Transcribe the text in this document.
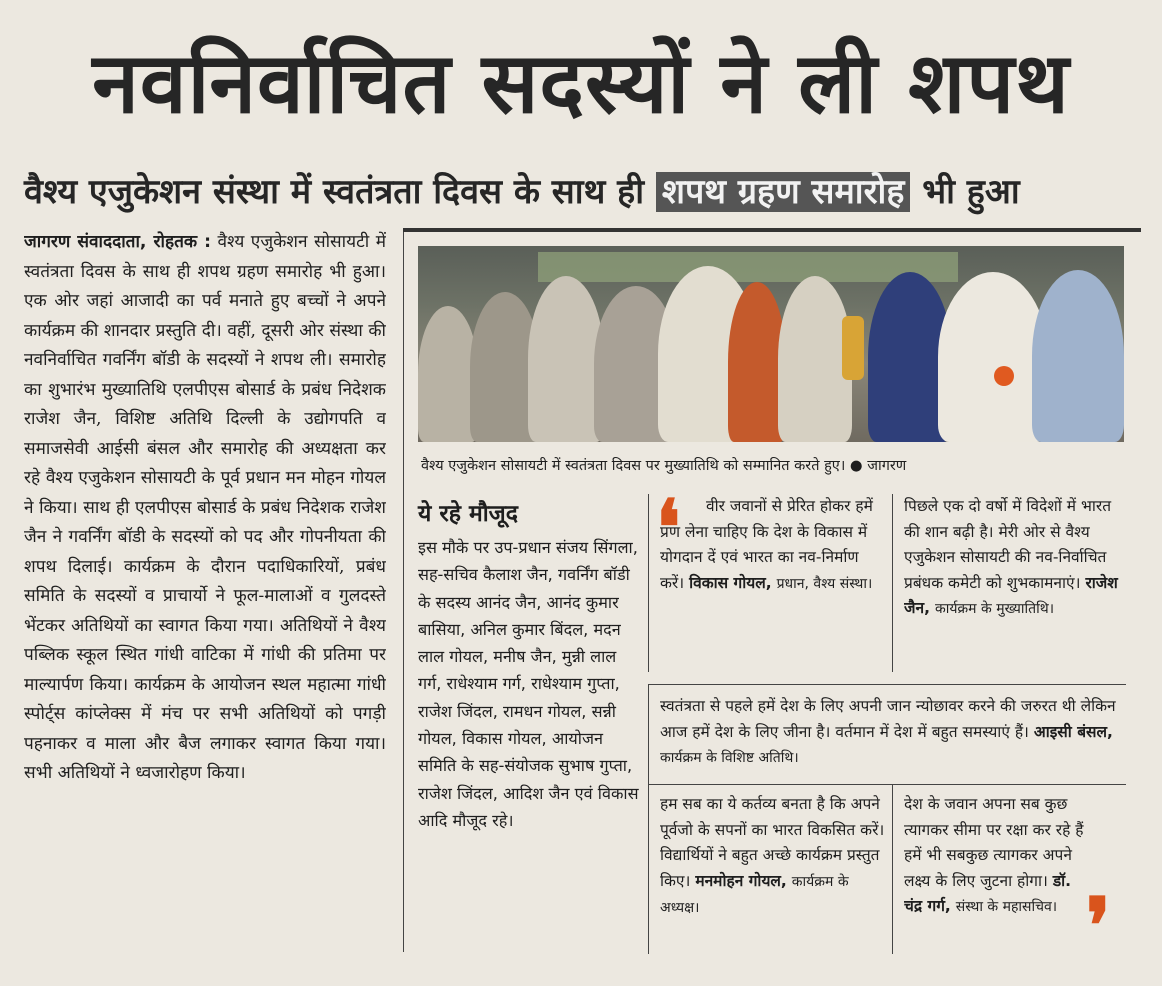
नवनिर्वाचित सदस्यों ने ली शपथ
वैश्य एजुकेशन संस्था में स्वतंत्रता दिवस के साथ ही शपथ ग्रहण समारोह भी हुआ
जागरण संवाददाता, रोहतक : वैश्य एजुकेशन सोसायटी में स्वतंत्रता दिवस के साथ ही शपथ ग्रहण समारोह भी हुआ। एक ओर जहां आजादी का पर्व मनाते हुए बच्चों ने अपने कार्यक्रम की शानदार प्रस्तुति दी। वहीं, दूसरी ओर संस्था की नवनिर्वाचित गवर्निंग बॉडी के सदस्यों ने शपथ ली। समारोह का शुभारंभ मुख्यातिथि एलपीएस बोसार्ड के प्रबंध निदेशक राजेश जैन, विशिष्ट अतिथि दिल्ली के उद्योगपति व समाजसेवी आईसी बंसल और समारोह की अध्यक्षता कर रहे वैश्य एजुकेशन सोसायटी के पूर्व प्रधान मन मोहन गोयल ने किया। साथ ही एलपीएस बोसार्ड के प्रबंध निदेशक राजेश जैन ने गवर्निंग बॉडी के सदस्यों को पद और गोपनीयता की शपथ दिलाई। कार्यक्रम के दौरान पदाधिकारियों, प्रबंध समिति के सदस्यों व प्राचार्यो ने फूल-मालाओं व गुलदस्ते भेंटकर अतिथियों का स्वागत किया गया। अतिथियों ने वैश्य पब्लिक स्कूल स्थित गांधी वाटिका में गांधी की प्रतिमा पर माल्यार्पण किया। कार्यक्रम के आयोजन स्थल महात्मा गांधी स्पोर्ट्स कांप्लेक्स में मंच पर सभी अतिथियों को पगड़ी पहनाकर व माला और बैज लगाकर स्वागत किया गया। सभी अतिथियों ने ध्वजारोहण किया।
वैश्य एजुकेशन सोसायटी में स्वतंत्रता दिवस पर मुख्यातिथि को सम्मानित करते हुए। ● जागरण
ये रहे मौजूद
इस मौके पर उप-प्रधान संजय सिंगला, सह-सचिव कैलाश जैन, गवर्निंग बॉडी के सदस्य आनंद जैन, आनंद कुमार बासिया, अनिल कुमार बिंदल, मदन लाल गोयल, मनीष जैन, मुन्नी लाल गर्ग, राधेश्याम गर्ग, राधेश्याम गुप्ता, राजेश जिंदल, रामधन गोयल, सन्नी गोयल, विकास गोयल, आयोजन समिति के सह-संयोजक सुभाष गुप्ता, राजेश जिंदल, आदिश जैन एवं विकास आदि मौजूद रहे।
❛	वीर जवानों से प्रेरित होकर हमें प्रण लेना चाहिए कि देश के विकास में योगदान दें एवं भारत का नव-निर्माण करें। विकास गोयल, प्रधान, वैश्य संस्था।
पिछले एक दो वर्षो में विदेशों में भारत की शान बढ़ी है। मेरी ओर से वैश्य एजुकेशन सोसायटी की नव-निर्वाचित प्रबंधक कमेटी को शुभकामनाएं। राजेश जैन, कार्यक्रम के मुख्यातिथि।
स्वतंत्रता से पहले हमें देश के लिए अपनी जान न्योछावर करने की जरुरत थी लेकिन आज हमें देश के लिए जीना है। वर्तमान में देश में बहुत समस्याएं हैं। आइसी बंसल, कार्यक्रम के विशिष्ट अतिथि।
हम सब का ये कर्तव्य बनता है कि अपने पूर्वजो के सपनों का भारत विकसित करें। विद्यार्थियों ने बहुत अच्छे कार्यक्रम प्रस्तुत किए। मनमोहन गोयल, कार्यक्रम के अध्यक्ष।
देश के जवान अपना सब कुछ त्यागकर सीमा पर रक्षा कर रहे हैं हमें भी सबकुछ त्यागकर अपने लक्ष्य के लिए जुटना होगा। डॉ. चंद्र गर्ग, संस्था के महासचिव। ❜
